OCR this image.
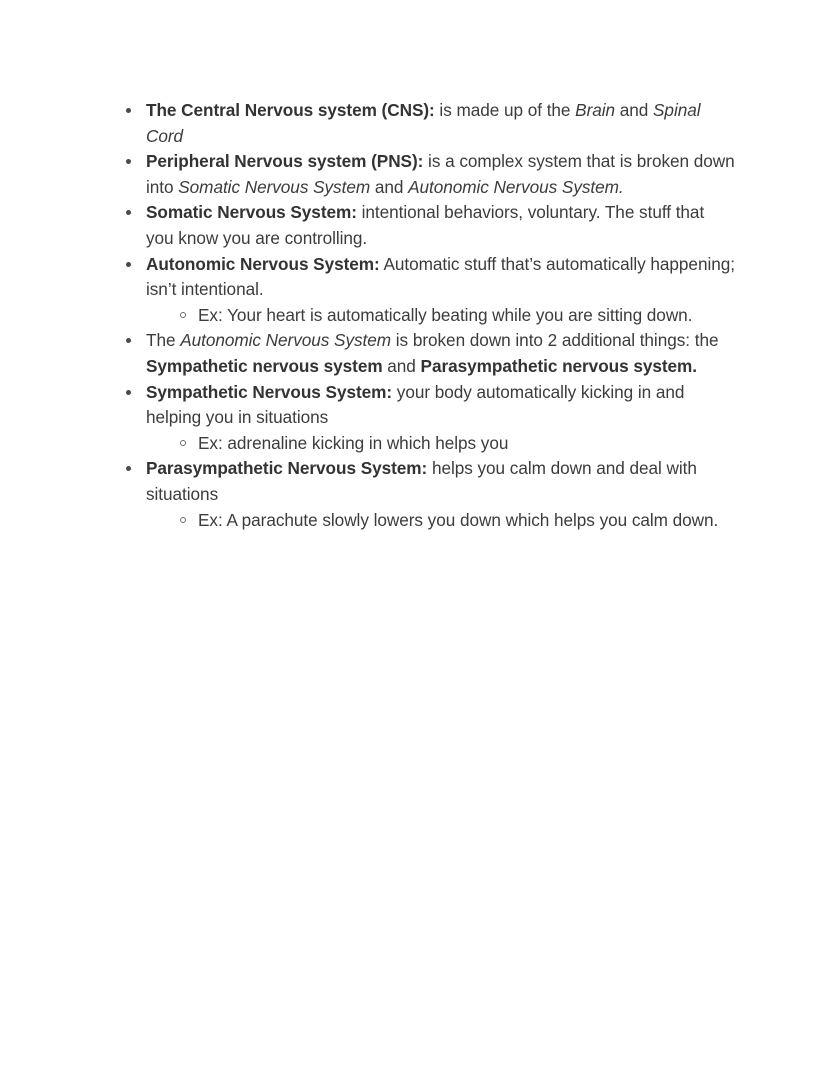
The Central Nervous system (CNS): is made up of the Brain and Spinal Cord
Peripheral Nervous system (PNS): is a complex system that is broken down into Somatic Nervous System and Autonomic Nervous System.
Somatic Nervous System: intentional behaviors, voluntary. The stuff that you know you are controlling.
Autonomic Nervous System: Automatic stuff that’s automatically happening; isn’t intentional.
Ex: Your heart is automatically beating while you are sitting down.
The Autonomic Nervous System is broken down into 2 additional things: the Sympathetic nervous system and Parasympathetic nervous system.
Sympathetic Nervous System: your body automatically kicking in and helping you in situations
Ex: adrenaline kicking in which helps you
Parasympathetic Nervous System: helps you calm down and deal with situations
Ex: A parachute slowly lowers you down which helps you calm down.
